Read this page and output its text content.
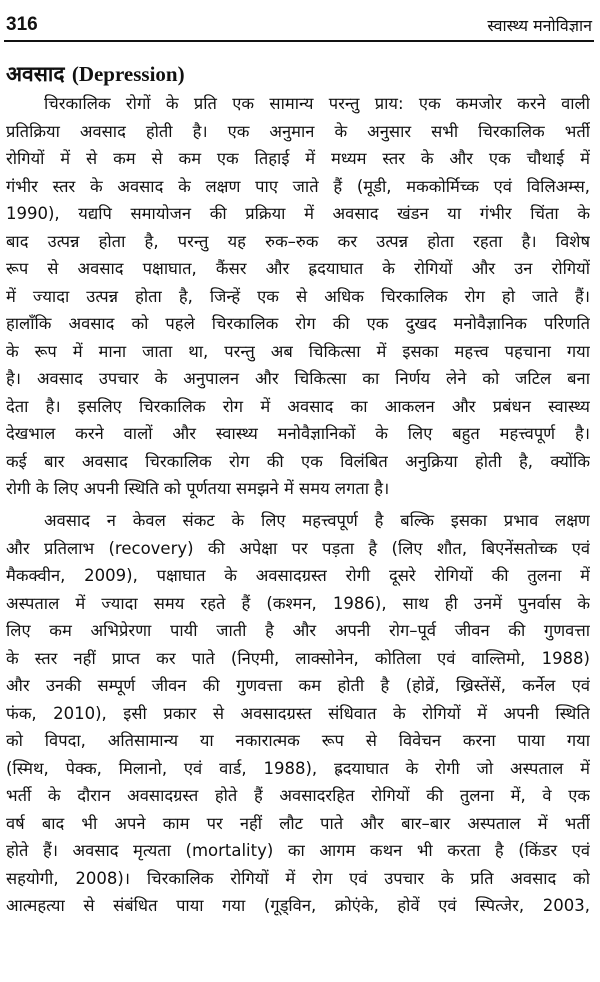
316	स्वास्थ्य मनोविज्ञान
अवसाद (Depression)
चिरकालिक रोगों के प्रति एक सामान्य परन्तु प्राय: एक कमजोर करने वाली
प्रतिक्रिया अवसाद होती है। एक अनुमान के अनुसार सभी चिरकालिक भर्ती
रोगियों में से कम से कम एक तिहाई में मध्यम स्तर के और एक चौथाई में
गंभीर स्तर के अवसाद के लक्षण पाए जाते हैं (मूडी, मककोर्मिच्क एवं विलिअम्स,
1990), यद्यपि समायोजन की प्रक्रिया में अवसाद खंडन या गंभीर चिंता के
बाद उत्पन्न होता है, परन्तु यह रुक–रुक कर उत्पन्न होता रहता है। विशेष
रूप से अवसाद पक्षाघात, कैंसर और ह्रदयाघात के रोगियों और उन रोगियों
में ज्यादा उत्पन्न होता है, जिन्हें एक से अधिक चिरकालिक रोग हो जाते हैं।
हालाँकि अवसाद को पहले चिरकालिक रोग की एक दुखद मनोवैज्ञानिक परिणति
के रूप में माना जाता था, परन्तु अब चिकित्सा में इसका महत्त्व पहचाना गया
है। अवसाद उपचार के अनुपालन और चिकित्सा का निर्णय लेने को जटिल बना
देता है। इसलिए चिरकालिक रोग में अवसाद का आकलन और प्रबंधन स्वास्थ्य
देखभाल करने वालों और स्वास्थ्य मनोवैज्ञानिकों के लिए बहुत महत्त्वपूर्ण है।
कई बार अवसाद चिरकालिक रोग की एक विलंबित अनुक्रिया होती है, क्योंकि
रोगी के लिए अपनी स्थिति को पूर्णतया समझने में समय लगता है।
अवसाद न केवल संकट के लिए महत्त्वपूर्ण है बल्कि इसका प्रभाव लक्षण
और प्रतिलाभ (recovery) की अपेक्षा पर पड़ता है (लिए शौत, बिएनेंसतोच्क एवं
मैकक्वीन, 2009), पक्षाघात के अवसादग्रस्त रोगी दूसरे रोगियों की तुलना में
अस्पताल में ज्यादा समय रहते हैं (कश्मन, 1986), साथ ही उनमें पुनर्वास के
लिए कम अभिप्रेरणा पायी जाती है और अपनी रोग–पूर्व जीवन की गुणवत्ता
के स्तर नहीं प्राप्त कर पाते (निएमी, लाक्सोनेन, कोतिला एवं वाल्तिमो, 1988)
और उनकी सम्पूर्ण जीवन की गुणवत्ता कम होती है (होव्रें, ख्रिस्तेंसें, कर्नेल एवं
फंक, 2010), इसी प्रकार से अवसादग्रस्त संधिवात के रोगियों में अपनी स्थिति
को विपदा, अतिसामान्य या नकारात्मक रूप से विवेचन करना पाया गया
(स्मिथ, पेक्क, मिलानो, एवं वार्ड, 1988), ह्रदयाघात के रोगी जो अस्पताल में
भर्ती के दौरान अवसादग्रस्त होते हैं अवसादरहित रोगियों की तुलना में, वे एक
वर्ष बाद भी अपने काम पर नहीं लौट पाते और बार–बार अस्पताल में भर्ती
होते हैं। अवसाद मृत्यता (mortality) का आगम कथन भी करता है (किंडर एवं
सहयोगी, 2008)। चिरकालिक रोगियों में रोग एवं उपचार के प्रति अवसाद को
आत्महत्या से संबंधित पाया गया (गूड्विन, क्रोएंके, होवें एवं स्पित्जेर, 2003,
